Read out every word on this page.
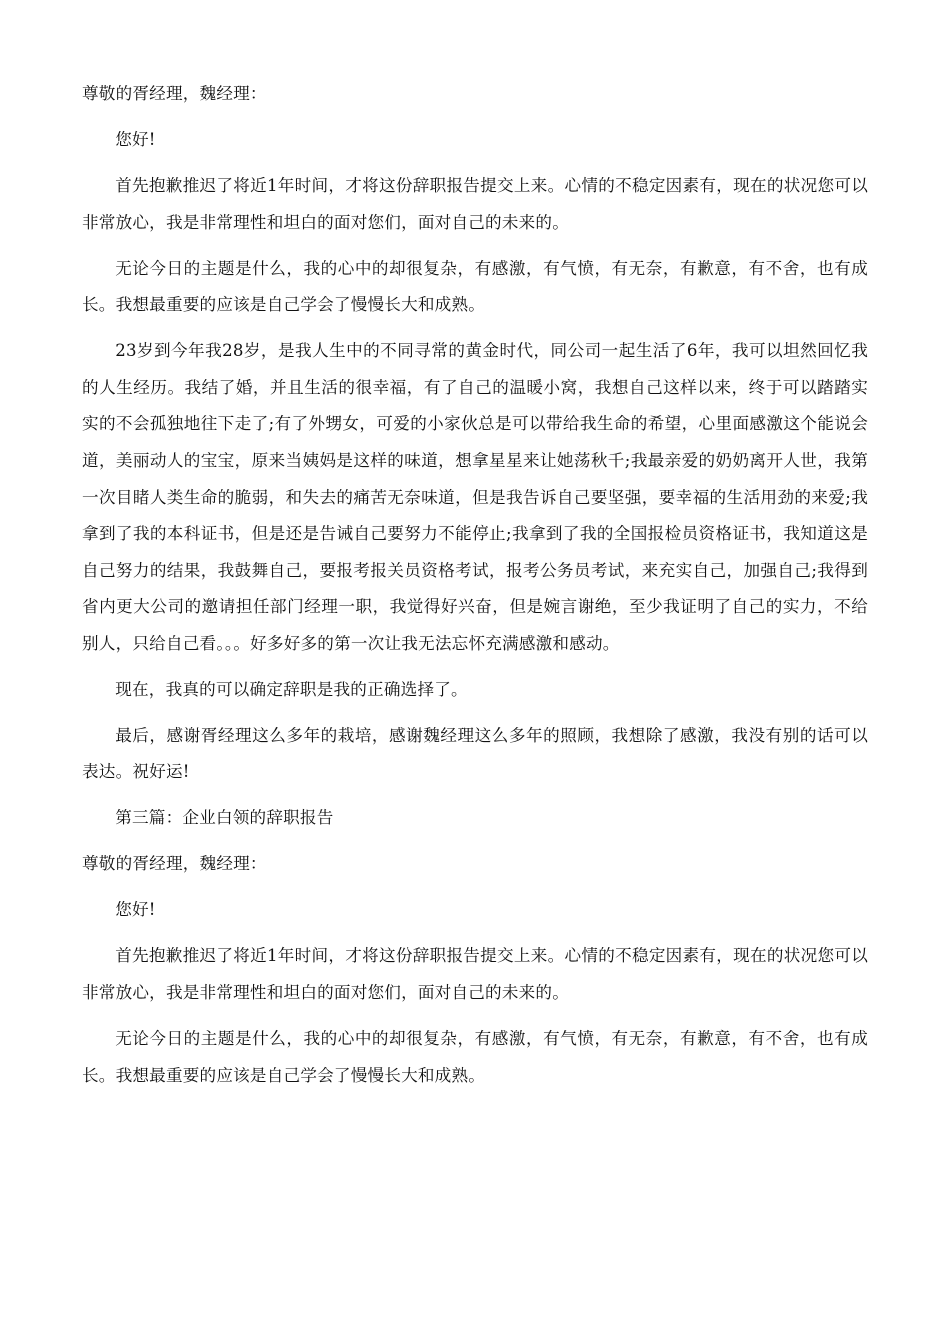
尊敬的胥经理，魏经理：

您好!

首先抱歉推迟了将近1年时间，才将这份辞职报告提交上来。心情的不稳定因素有，现在的状况您可以非常放心，我是非常理性和坦白的面对您们，面对自己的未来的。

无论今日的主题是什么，我的心中的却很复杂，有感激，有气愤，有无奈，有歉意，有不舍，也有成长。我想最重要的应该是自己学会了慢慢长大和成熟。

23岁到今年我28岁，是我人生中的不同寻常的黄金时代，同公司一起生活了6年，我可以坦然回忆我的人生经历。我结了婚，并且生活的很幸福，有了自己的温暖小窝，我想自己这样以来，终于可以踏踏实实的不会孤独地往下走了;有了外甥女，可爱的小家伙总是可以带给我生命的希望，心里面感激这个能说会道，美丽动人的宝宝，原来当姨妈是这样的味道，想拿星星来让她荡秋千;我最亲爱的奶奶离开人世，我第一次目睹人类生命的脆弱，和失去的痛苦无奈味道，但是我告诉自己要坚强，要幸福的生活用劲的来爱;我拿到了我的本科证书，但是还是告诫自己要努力不能停止;我拿到了我的全国报检员资格证书，我知道这是自己努力的结果，我鼓舞自己，要报考报关员资格考试，报考公务员考试，来充实自己，加强自己;我得到省内更大公司的邀请担任部门经理一职，我觉得好兴奋，但是婉言谢绝，至少我证明了自己的实力，不给别人，只给自己看。。。好多好多的第一次让我无法忘怀充满感激和感动。

现在，我真的可以确定辞职是我的正确选择了。

最后，感谢胥经理这么多年的栽培，感谢魏经理这么多年的照顾，我想除了感激，我没有别的话可以表达。祝好运!

第三篇：企业白领的辞职报告

尊敬的胥经理，魏经理：

您好!

首先抱歉推迟了将近1年时间，才将这份辞职报告提交上来。心情的不稳定因素有，现在的状况您可以非常放心，我是非常理性和坦白的面对您们，面对自己的未来的。

无论今日的主题是什么，我的心中的却很复杂，有感激，有气愤，有无奈，有歉意，有不舍，也有成长。我想最重要的应该是自己学会了慢慢长大和成熟。
